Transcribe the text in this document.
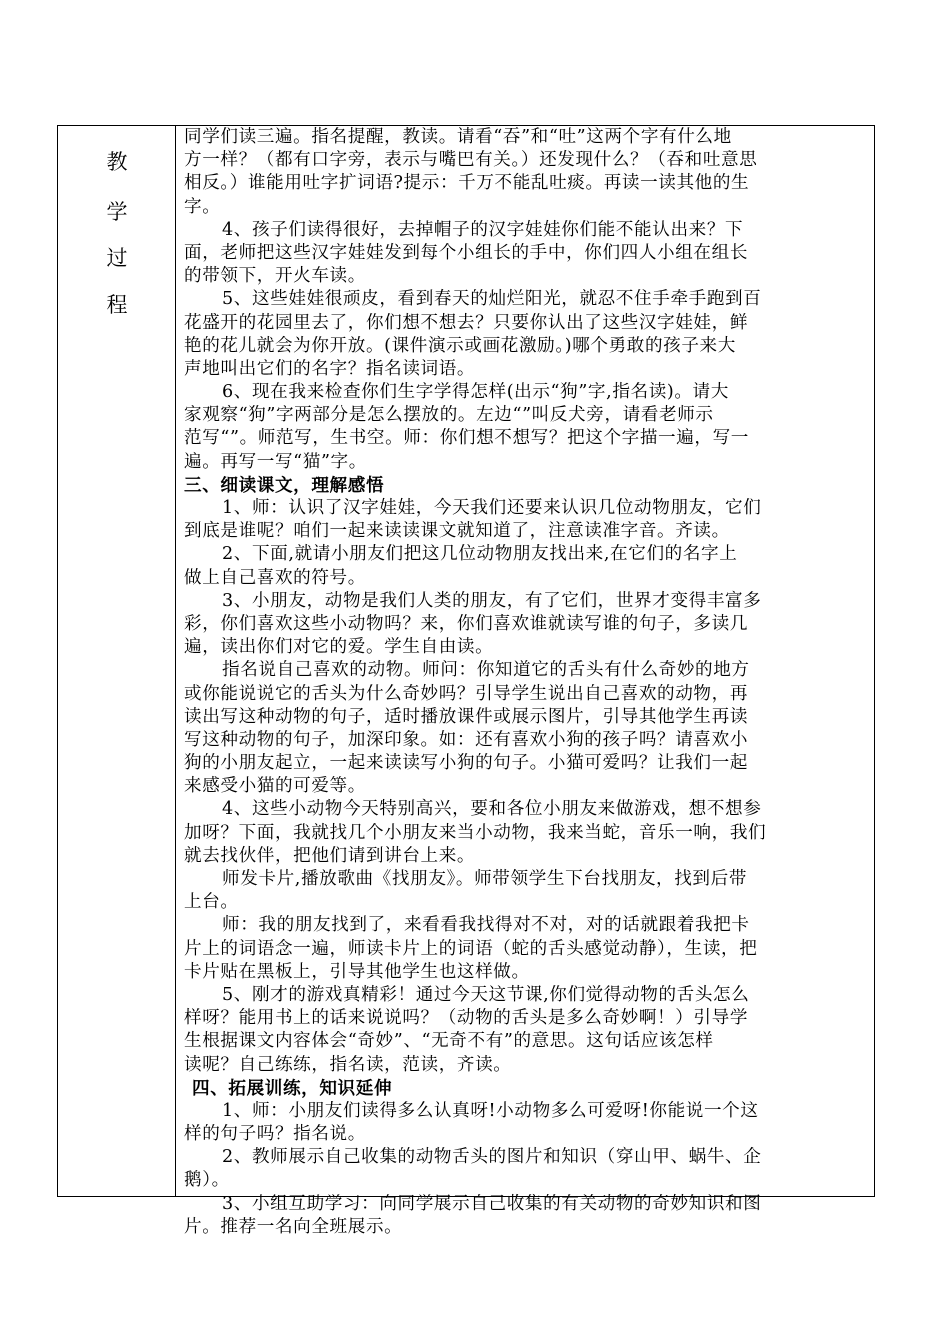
教
学
过
程
同学们读三遍。指名提醒，教读。请看“吞”和“吐”这两个字有什么地
方一样？（都有口字旁，表示与嘴巴有关。）还发现什么？（吞和吐意思
相反。）谁能用吐字扩词语?提示：千万不能乱吐痰。再读一读其他的生
字。
4、孩子们读得很好，去掉帽子的汉字娃娃你们能不能认出来？下
面，老师把这些汉字娃娃发到每个小组长的手中，你们四人小组在组长
的带领下，开火车读。
5、这些娃娃很顽皮，看到春天的灿烂阳光，就忍不住手牵手跑到百
花盛开的花园里去了，你们想不想去？只要你认出了这些汉字娃娃，鲜
艳的花儿就会为你开放。(课件演示或画花激励。)哪个勇敢的孩子来大
声地叫出它们的名字？指名读词语。
6、现在我来检查你们生字学得怎样(出示“狗”字,指名读)。请大
家观察“狗”字两部分是怎么摆放的。左边“”叫反犬旁，请看老师示
范写“”。师范写，生书空。师：你们想不想写？把这个字描一遍，写一
遍。再写一写“猫”字。
三、细读课文，理解感悟
1、师：认识了汉字娃娃，今天我们还要来认识几位动物朋友，它们
到底是谁呢？咱们一起来读读课文就知道了，注意读准字音。齐读。
2、下面,就请小朋友们把这几位动物朋友找出来,在它们的名字上
做上自己喜欢的符号。
3、小朋友，动物是我们人类的朋友，有了它们，世界才变得丰富多
彩，你们喜欢这些小动物吗？来，你们喜欢谁就读写谁的句子，多读几
遍，读出你们对它的爱。学生自由读。
指名说自己喜欢的动物。师问：你知道它的舌头有什么奇妙的地方
或你能说说它的舌头为什么奇妙吗？引导学生说出自己喜欢的动物，再
读出写这种动物的句子，适时播放课件或展示图片，引导其他学生再读
写这种动物的句子，加深印象。如：还有喜欢小狗的孩子吗？请喜欢小
狗的小朋友起立，一起来读读写小狗的句子。小猫可爱吗？让我们一起
来感受小猫的可爱等。
4、这些小动物今天特别高兴，要和各位小朋友来做游戏，想不想参
加呀？下面，我就找几个小朋友来当小动物，我来当蛇，音乐一响，我们
就去找伙伴，把他们请到讲台上来。
师发卡片,播放歌曲《找朋友》。师带领学生下台找朋友，找到后带
上台。
师：我的朋友找到了，来看看我找得对不对，对的话就跟着我把卡
片上的词语念一遍，师读卡片上的词语（蛇的舌头感觉动静），生读，把
卡片贴在黑板上，引导其他学生也这样做。
5、刚才的游戏真精彩！通过今天这节课,你们觉得动物的舌头怎么
样呀？能用书上的话来说说吗？（动物的舌头是多么奇妙啊！）引导学
生根据课文内容体会“奇妙”、“无奇不有”的意思。这句话应该怎样
读呢？自己练练，指名读，范读，齐读。
四、拓展训练，知识延伸
1、师：小朋友们读得多么认真呀!小动物多么可爱呀!你能说一个这
样的句子吗？指名说。
2、教师展示自己收集的动物舌头的图片和知识（穿山甲、蜗牛、企
鹅）。
3、小组互助学习：向同学展示自己收集的有关动物的奇妙知识和图
片。推荐一名向全班展示。
